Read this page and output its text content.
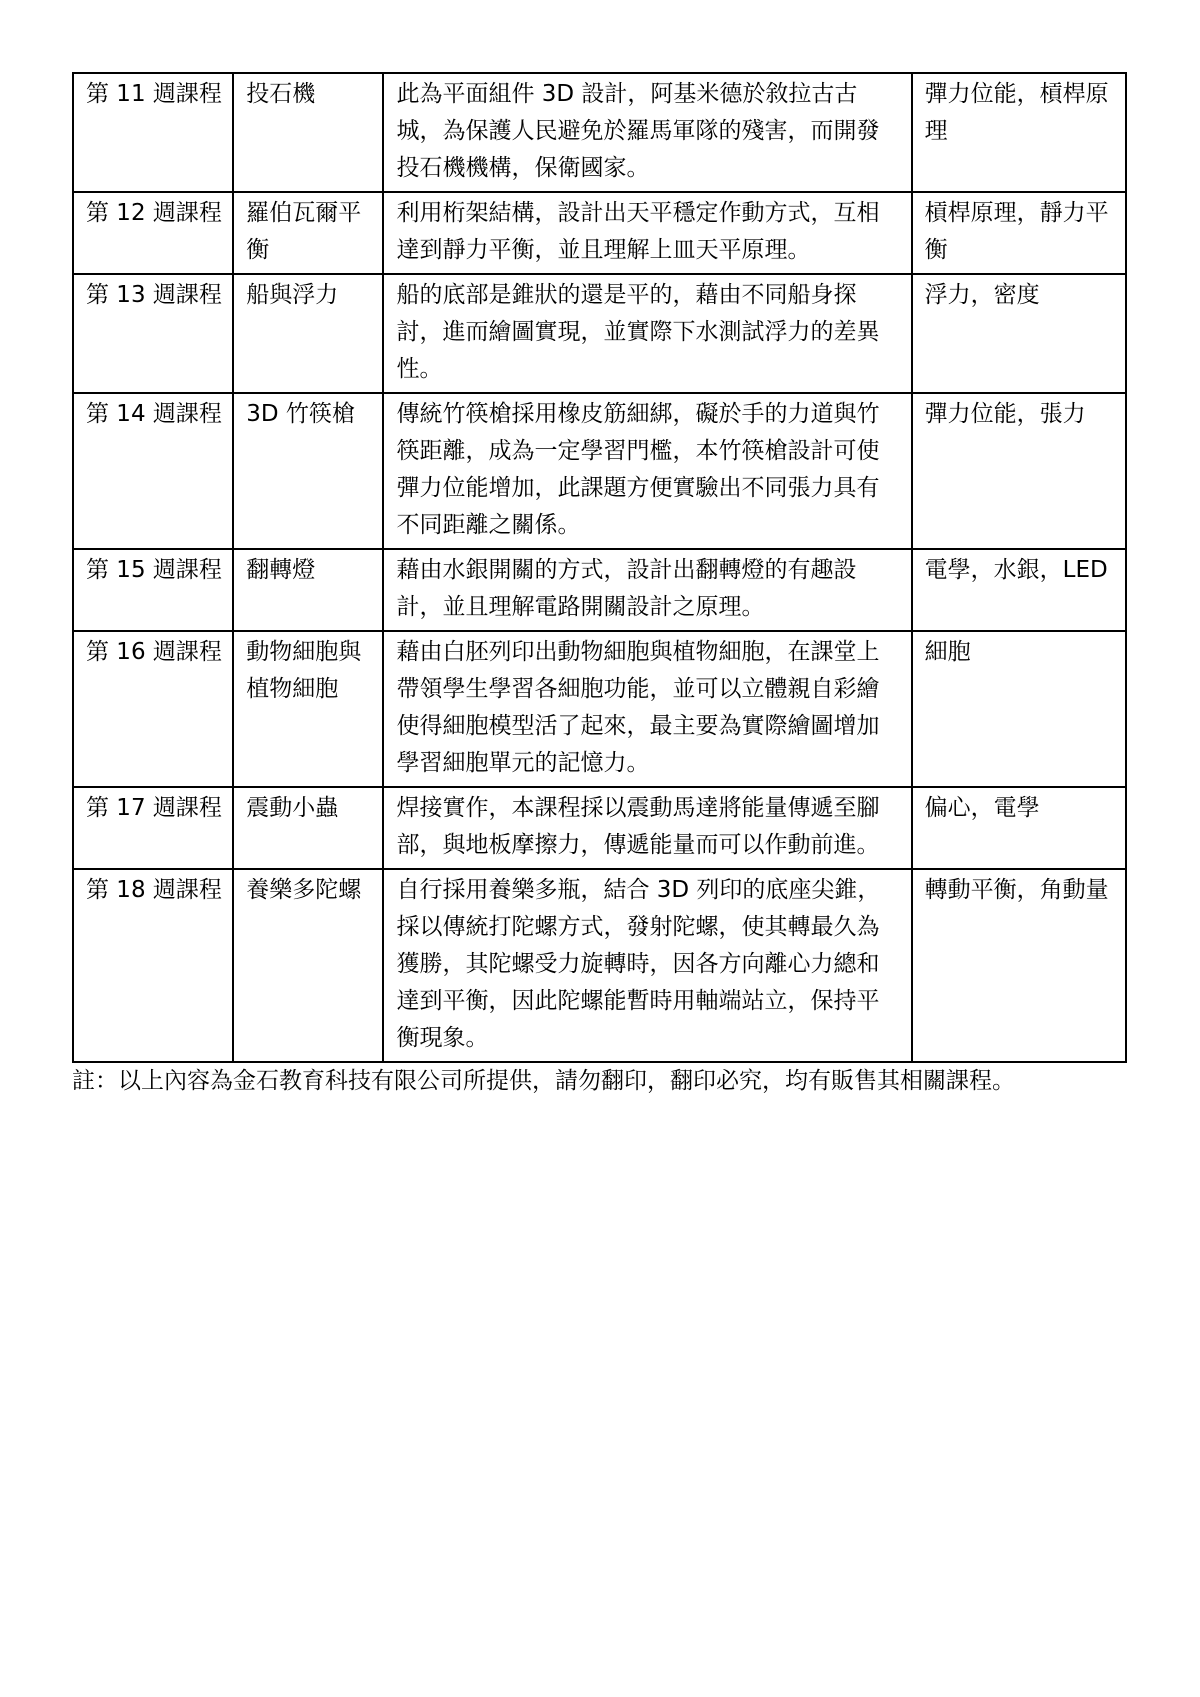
第 11 週課程	投石機	此為平面組件 3D 設計，阿基米德於敘拉古古城，為保護人民避免於羅馬軍隊的殘害，而開發投石機機構，保衛國家。	彈力位能，槓桿原理
第 12 週課程	羅伯瓦爾平衡	利用桁架結構，設計出天平穩定作動方式，互相達到靜力平衡，並且理解上皿天平原理。	槓桿原理，靜力平衡
第 13 週課程	船與浮力	船的底部是錐狀的還是平的，藉由不同船身探討，進而繪圖實現，並實際下水測試浮力的差異性。	浮力，密度
第 14 週課程	3D 竹筷槍	傳統竹筷槍採用橡皮筋細綁，礙於手的力道與竹筷距離，成為一定學習門檻，本竹筷槍設計可使彈力位能增加，此課題方便實驗出不同張力具有不同距離之關係。	彈力位能，張力
第 15 週課程	翻轉燈	藉由水銀開關的方式，設計出翻轉燈的有趣設計，並且理解電路開關設計之原理。	電學，水銀，LED
第 16 週課程	動物細胞與植物細胞	藉由白胚列印出動物細胞與植物細胞，在課堂上帶領學生學習各細胞功能，並可以立體親自彩繪使得細胞模型活了起來，最主要為實際繪圖增加學習細胞單元的記憶力。	細胞
第 17 週課程	震動小蟲	焊接實作，本課程採以震動馬達將能量傳遞至腳部，與地板摩擦力，傳遞能量而可以作動前進。	偏心，電學
第 18 週課程	養樂多陀螺	自行採用養樂多瓶，結合 3D 列印的底座尖錐，採以傳統打陀螺方式，發射陀螺，使其轉最久為獲勝，其陀螺受力旋轉時，因各方向離心力總和達到平衡，因此陀螺能暫時用軸端站立，保持平衡現象。	轉動平衡，角動量
註：以上內容為金石教育科技有限公司所提供，請勿翻印，翻印必究，均有販售其相關課程。
